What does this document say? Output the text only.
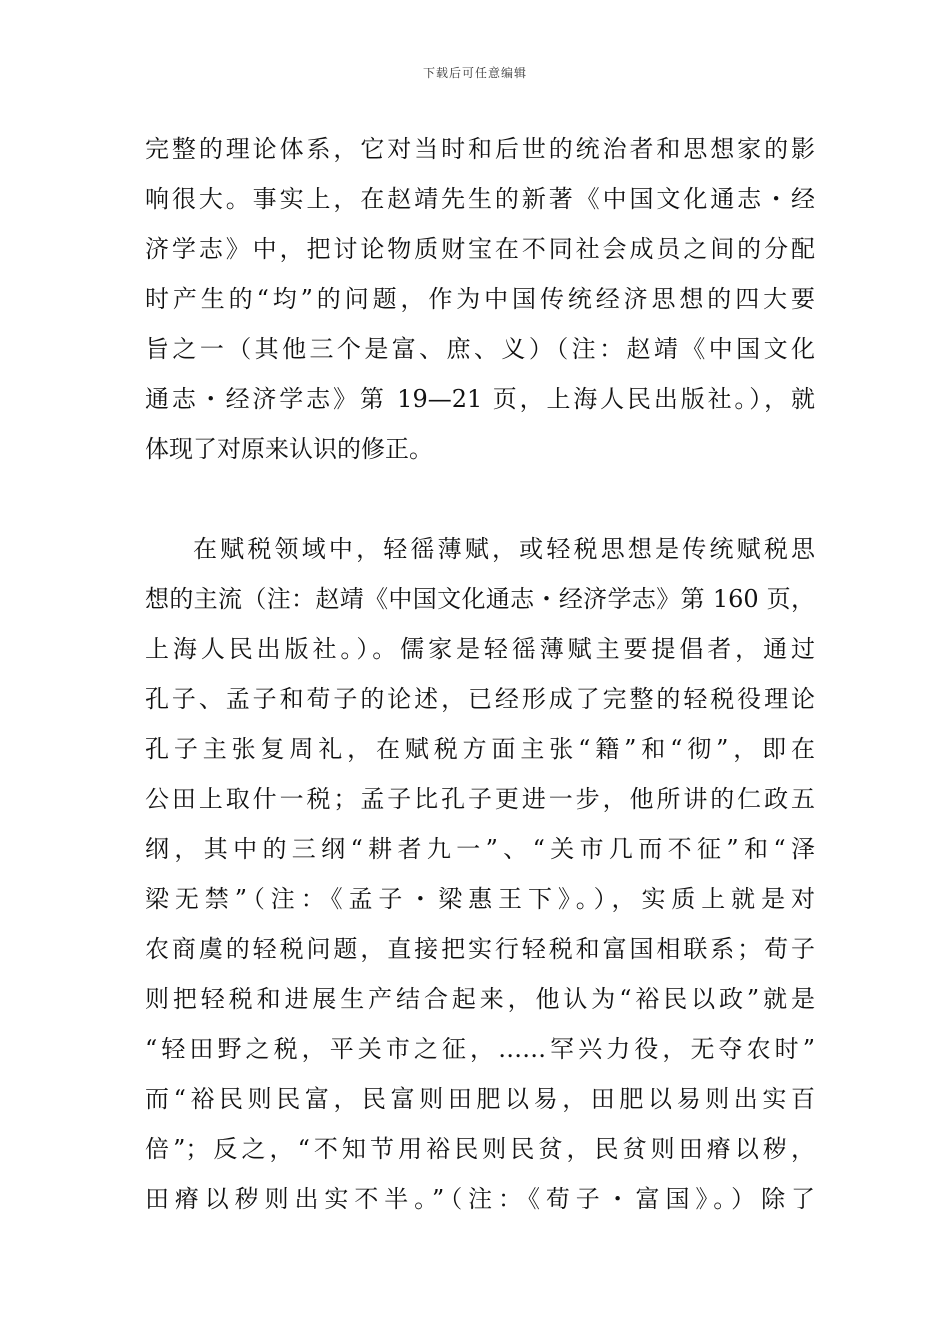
下载后可任意编辑
完整的理论体系，它对当时和后世的统治者和思想家的影
响很大。事实上，在赵靖先生的新著《中国文化通志・经
济学志》中，把讨论物质财宝在不同社会成员之间的分配
时产生的“均”的问题，作为中国传统经济思想的四大要
旨之一（其他三个是富、庶、义）（注：赵靖《中国文化
通志・经济学志》第 19—21 页，上海人民出版社。），就
体现了对原来认识的修正。
在赋税领域中，轻徭薄赋，或轻税思想是传统赋税思
想的主流（注：赵靖《中国文化通志・经济学志》第 160 页，
上海人民出版社。）。儒家是轻徭薄赋主要提倡者，通过
孔子、孟子和荀子的论述，已经形成了完整的轻税役理论
孔子主张复周礼，在赋税方面主张“籍”和“彻”，即在
公田上取什一税；孟子比孔子更进一步，他所讲的仁政五
纲，其中的三纲“耕者九一”、“关市几而不征”和“泽
梁无禁”（注：《孟子・梁惠王下》。），实质上就是对
农商虞的轻税问题，直接把实行轻税和富国相联系；荀子
则把轻税和进展生产结合起来，他认为“裕民以政”就是
“轻田野之税，平关市之征，……罕兴力役，无夺农时”
而“裕民则民富，民富则田肥以易，田肥以易则出实百
倍”；反之，“不知节用裕民则民贫，民贫则田瘠以秽，
田瘠以秽则出实不半。”（注：《荀子・富国》。）除了
